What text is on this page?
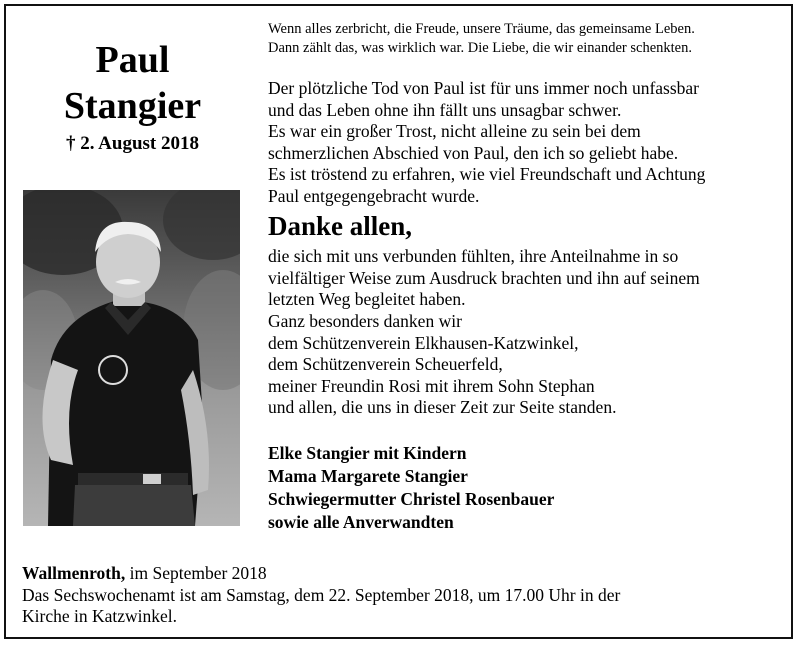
Paul
Stangier
† 2. August 2018
Wenn alles zerbricht, die Freude, unsere Träume, das gemeinsame Leben.
Dann zählt das, was wirklich war. Die Liebe, die wir einander schenkten.
Der plötzliche Tod von Paul ist für uns immer noch unfassbar
und das Leben ohne ihn fällt uns unsagbar schwer.
Es war ein großer Trost, nicht alleine zu sein bei dem
schmerzlichen Abschied von Paul, den ich so geliebt habe.
Es ist tröstend zu erfahren, wie viel Freundschaft und Achtung
Paul entgegengebracht wurde.
Danke allen,
die sich mit uns verbunden fühlten, ihre Anteilnahme in so
vielfältiger Weise zum Ausdruck brachten und ihn auf seinem
letzten Weg begleitet haben.
Ganz besonders danken wir
dem Schützenverein Elkhausen-Katzwinkel,
dem Schützenverein Scheuerfeld,
meiner Freundin Rosi mit ihrem Sohn Stephan
und allen, die uns in dieser Zeit zur Seite standen.
Elke Stangier mit Kindern
Mama Margarete Stangier
Schwiegermutter Christel Rosenbauer
sowie alle Anverwandten
Wallmenroth, im September 2018
Das Sechswochenamt ist am Samstag, dem 22. September 2018, um 17.00 Uhr in der
Kirche in Katzwinkel.
